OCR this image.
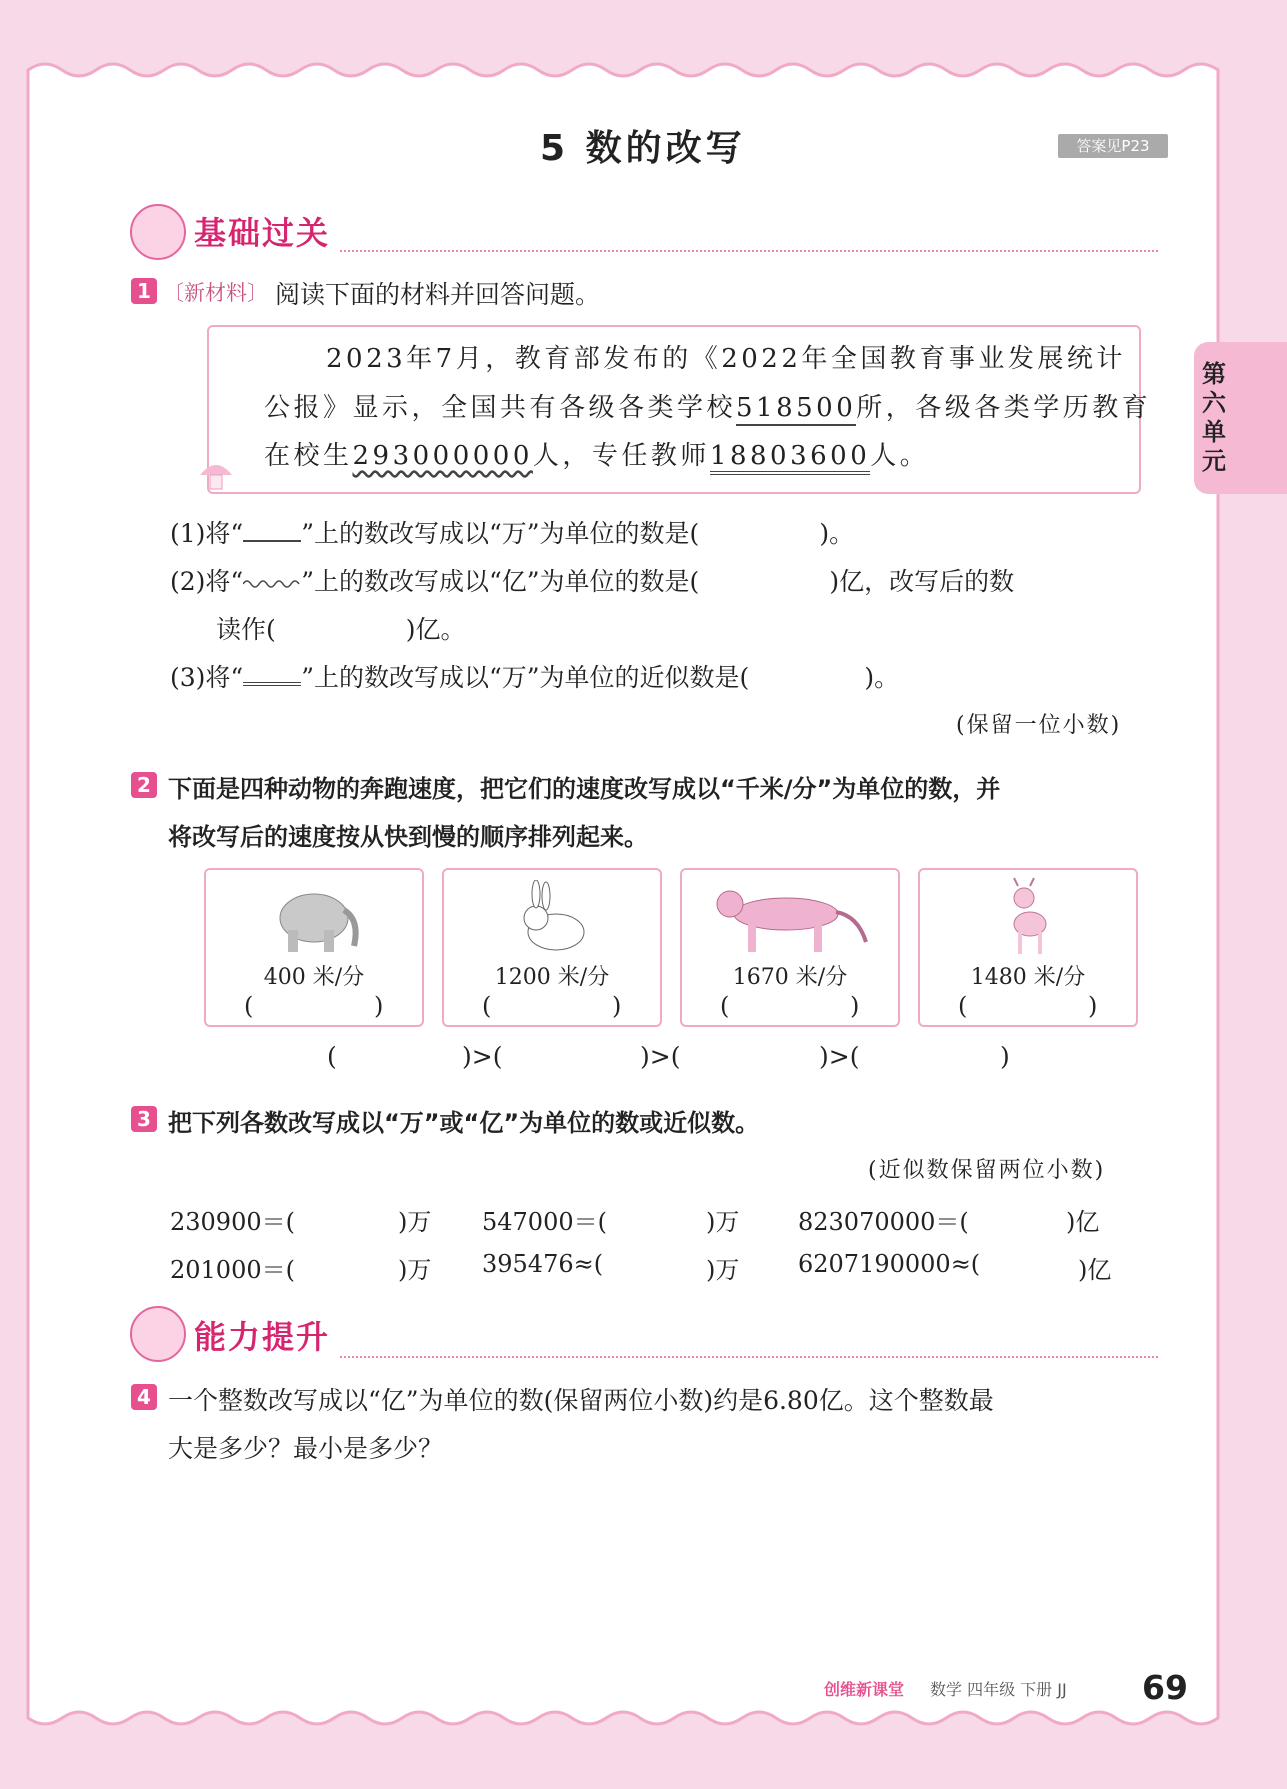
5 数的改写	答案见P23
第六单元
基础过关
1 〔新材料〕 阅读下面的材料并回答问题。
2023年7月，教育部发布的《2022年全国教育事业发展统计
公报》显示，全国共有各级各类学校518500所，各级各类学历教育
在校生293000000人，专任教师18803600人。
(1)将“ ”上的数改写成以“万”为单位的数是(	)。
(2)将“ ”上的数改写成以“亿”为单位的数是(	)亿，改写后的数
读作(	)亿。
(3)将“ ”上的数改写成以“万”为单位的近似数是(	)。
(保留一位小数)
2 下面是四种动物的奔跑速度，把它们的速度改写成以“千米/分”为单位的数，并
将改写后的速度按从快到慢的顺序排列起来。
400 米/分
(	)
1200 米/分
(	)
1670 米/分
(	)
1480 米/分
(	)
(	)>(	)>(	)>(	)
3 把下列各数改写成以“万”或“亿”为单位的数或近似数。
(近似数保留两位小数)
230900＝(	)万 547000＝(	)万 823070000＝(	)亿
201000＝(	)万 395476≈(	)万 6207190000≈(	)亿
能力提升
4 一个整数改写成以“亿”为单位的数(保留两位小数)约是6.80亿。这个整数最
大是多少？最小是多少？
创维新课堂 数学 四年级 下册 JJ 69
